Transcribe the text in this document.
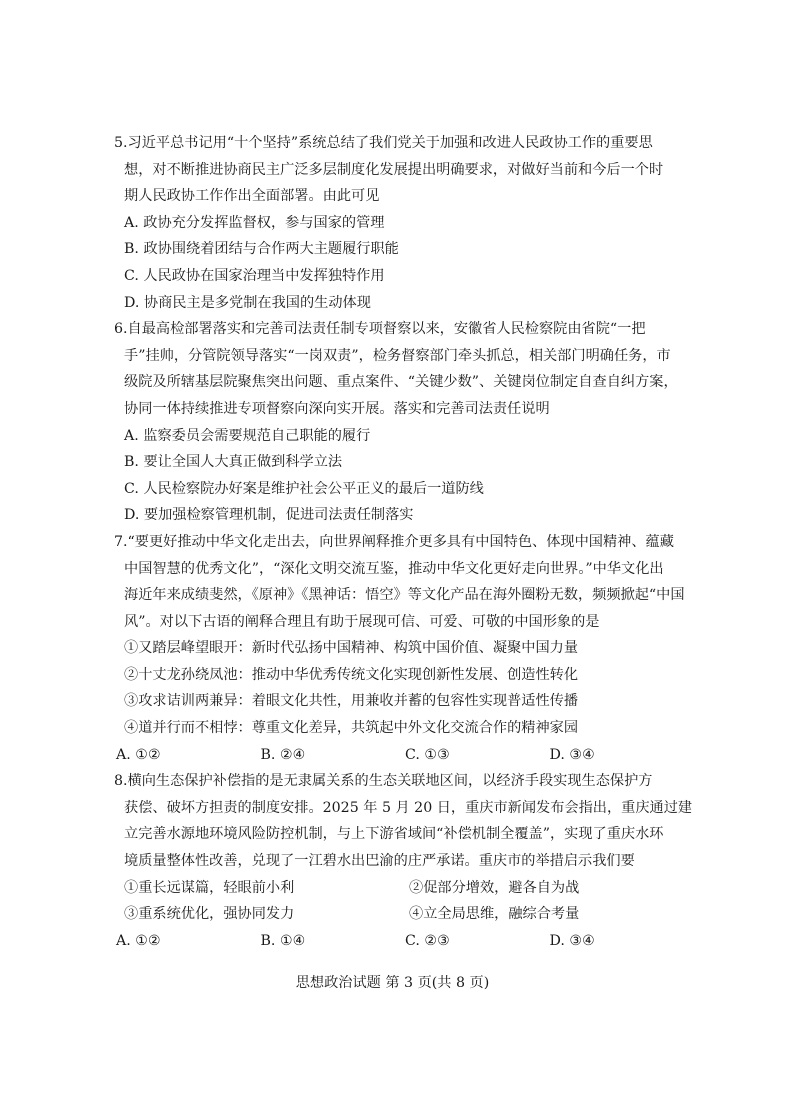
5.习近平总书记用“十个坚持”系统总结了我们党关于加强和改进人民政协工作的重要思
想，对不断推进协商民主广泛多层制度化发展提出明确要求，对做好当前和今后一个时
期人民政协工作作出全面部署。由此可见
A. 政协充分发挥监督权，参与国家的管理
B. 政协围绕着团结与合作两大主题履行职能
C. 人民政协在国家治理当中发挥独特作用
D. 协商民主是多党制在我国的生动体现
6.自最高检部署落实和完善司法责任制专项督察以来，安徽省人民检察院由省院“一把
手”挂帅，分管院领导落实“一岗双责”，检务督察部门牵头抓总，相关部门明确任务，市
级院及所辖基层院聚焦突出问题、重点案件、“关键少数”、关键岗位制定自查自纠方案，
协同一体持续推进专项督察向深向实开展。落实和完善司法责任说明
A. 监察委员会需要规范自己职能的履行
B. 要让全国人大真正做到科学立法
C. 人民检察院办好案是维护社会公平正义的最后一道防线
D. 要加强检察管理机制，促进司法责任制落实
7.“要更好推动中华文化走出去，向世界阐释推介更多具有中国特色、体现中国精神、蕴藏
中国智慧的优秀文化”，“深化文明交流互鉴，推动中华文化更好走向世界。”中华文化出
海近年来成绩斐然，《原神》《黑神话：悟空》等文化产品在海外圈粉无数，频频掀起“中国
风”。对以下古语的阐释合理且有助于展现可信、可爱、可敬的中国形象的是
①又踏层峰望眼开：新时代弘扬中国精神、构筑中国价值、凝聚中国力量
②十丈龙孙绕凤池：推动中华优秀传统文化实现创新性发展、创造性转化
③攻求诘训两兼异：着眼文化共性，用兼收并蓄的包容性实现普适性传播
④道并行而不相悖：尊重文化差异，共筑起中外文化交流合作的精神家园
A. ①②	B. ②④	C. ①③	D. ③④
8.横向生态保护补偿指的是无隶属关系的生态关联地区间，以经济手段实现生态保护方
获偿、破坏方担责的制度安排。2025 年 5 月 20 日，重庆市新闻发布会指出，重庆通过建
立完善水源地环境风险防控机制，与上下游省域间“补偿机制全覆盖”，实现了重庆水环
境质量整体性改善，兑现了一江碧水出巴渝的庄严承诺。重庆市的举措启示我们要
①重长远谋篇，轻眼前小利	②促部分增效，避各自为战
③重系统优化，强协同发力	④立全局思维，融综合考量
A. ①②	B. ①④	C. ②③	D. ③④
思想政治试题 第 3 页(共 8 页)
